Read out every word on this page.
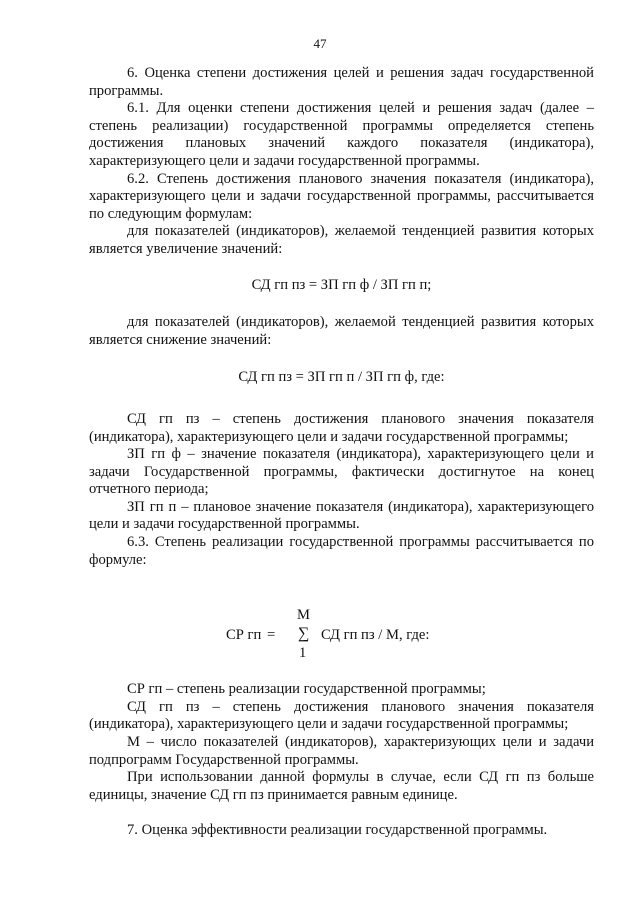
47

6. Оценка степени достижения целей и решения задач государственной программы.

6.1. Для оценки степени достижения целей и решения задач (далее – степень реализации) государственной программы определяется степень достижения плановых значений каждого показателя (индикатора), характеризующего цели и задачи государственной программы.

6.2. Степень достижения планового значения показателя (индикатора), характеризующего цели и задачи государственной программы, рассчитывается по следующим формулам:

для показателей (индикаторов), желаемой тенденцией развития которых является увеличение значений:

СД гп пз = ЗП гп ф / ЗП гп п;

для показателей (индикаторов), желаемой тенденцией развития которых является снижение значений:

СД гп пз = ЗП гп п / ЗП гп ф, где:

СД гп пз – степень достижения планового значения показателя (индикатора), характеризующего цели и задачи государственной программы;

ЗП гп ф – значение показателя (индикатора), характеризующего цели и задачи Государственной программы, фактически достигнутое на конец отчетного периода;

ЗП гп п – плановое значение показателя (индикатора), характеризующего цели и задачи государственной программы.

6.3. Степень реализации государственной программы рассчитывается по формуле:

СР гп =
M
∑
1
СД гп пз / М, где:

СР гп – степень реализации государственной программы;

СД гп пз – степень достижения планового значения показателя (индикатора), характеризующего цели и задачи государственной программы;

М – число показателей (индикаторов), характеризующих цели и задачи подпрограмм Государственной программы.

При использовании данной формулы в случае, если СД гп пз больше единицы, значение СД гп пз принимается равным единице.

7. Оценка эффективности реализации государственной программы.
